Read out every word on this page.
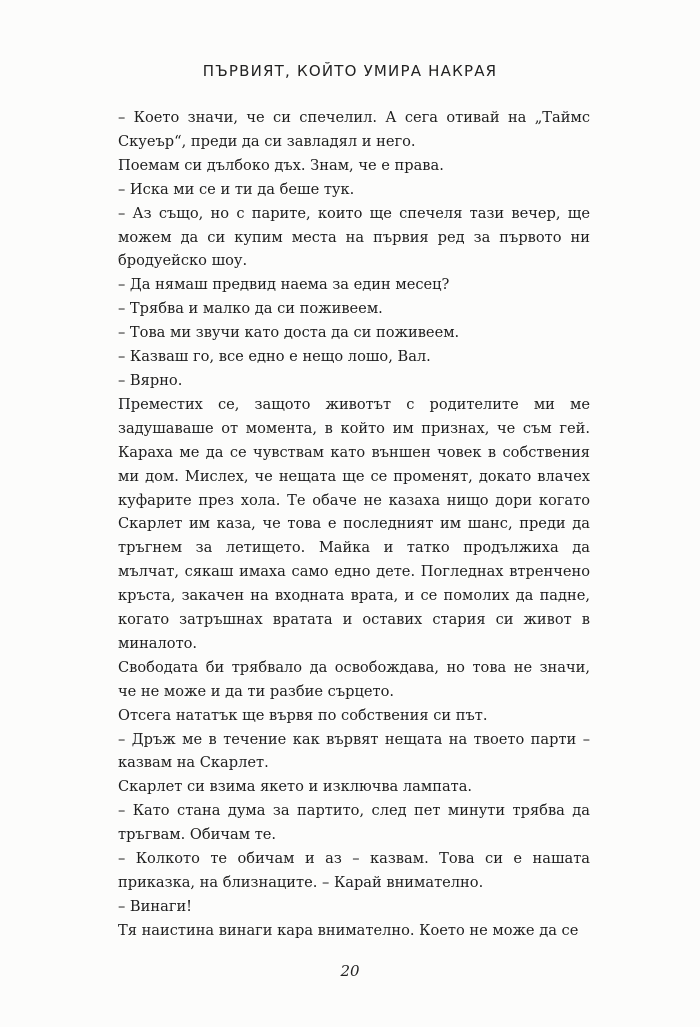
ПЪРВИЯТ, КОЙТО УМИРА НАКРАЯ

– Което значи, че си спечелил. А сега отивай на „Таймс Скуеър“, преди да си завладял и него.

Поемам си дълбоко дъх. Знам, че е права.

– Иска ми се и ти да беше тук.

– Аз също, но с парите, които ще спечеля тази вечер, ще можем да си купим места на първия ред за първото ни бродуейско шоу.

– Да нямаш предвид наема за един месец?

– Трябва и малко да си поживеем.

– Това ми звучи като доста да си поживеем.

– Казваш го, все едно е нещо лошо, Вал.

– Вярно.

Преместих се, защото животът с родителите ми ме задушаваше от момента, в който им признах, че съм гей. Караха ме да се чувствам като външен човек в собствения ми дом. Мислех, че нещата ще се променят, докато влачех куфарите през хола. Те обаче не казаха нищо дори когато Скарлет им каза, че това е последният им шанс, преди да тръгнем за летището. Майка и татко продължиха да мълчат, сякаш имаха само едно дете. Погледнах втренчено кръста, закачен на входната врата, и се помолих да падне, когато затръшнах вратата и оставих стария си живот в миналото.

Свободата би трябвало да освобождава, но това не значи, че не може и да ти разбие сърцето.

Отсега нататък ще вървя по собствения си път.

– Дръж ме в течение как вървят нещата на твоето парти – казвам на Скарлет.

Скарлет си взима якето и изключва лампата.

– Като стана дума за партито, след пет минути трябва да тръгвам. Обичам те.

– Колкото те обичам и аз – казвам. Това си е нашата приказка, на близнаците. – Карай внимателно.

– Винаги!

Тя наистина винаги кара внимателно. Което не може да се

20
